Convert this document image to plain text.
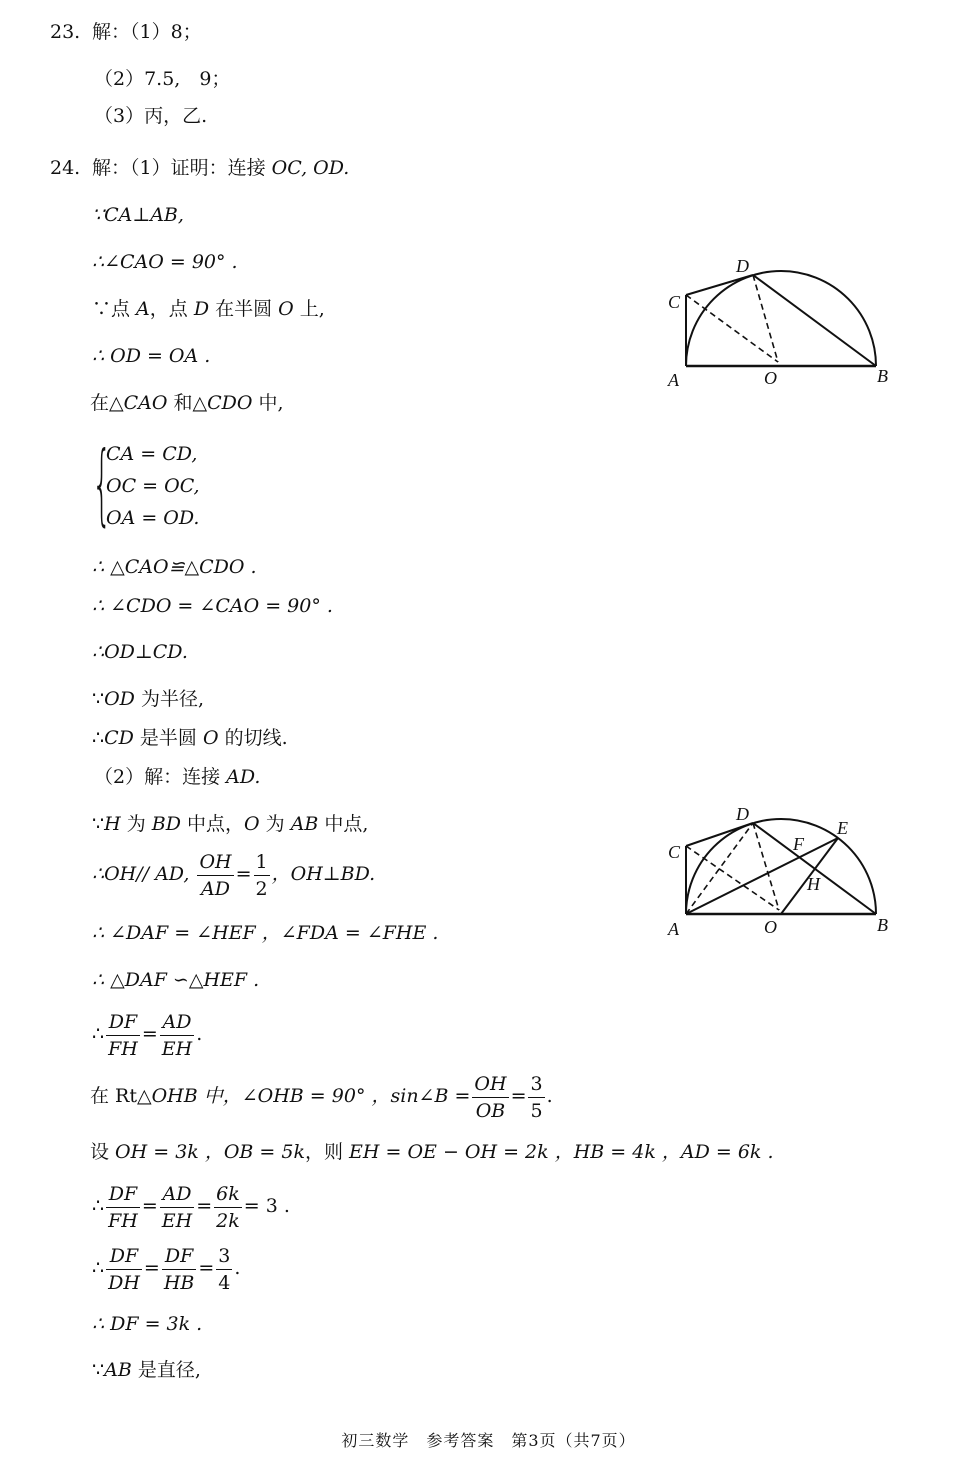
23. 解：（1）8；
（2）7.5,　9；
（3）丙，乙.
24. 解：（1）证明：连接 OC, OD.
∵CA⊥AB,
∴∠CAO = 90° .
∵点 A，点 D 在半圆 O 上,
∴ OD = OA .
在△CAO 和△CDO 中,
{
CA = CD,
OC = OC,
OA = OD.
∴ △CAO≌△CDO .
∴ ∠CDO = ∠CAO = 90° .
∴OD⊥CD.
∵OD 为半径,
∴CD 是半圆 O 的切线.
（2）解：连接 AD.
∵H 为 BD 中点，O 为 AB 中点,
∴OH// AD, $\frac{OH}{AD} = \frac{1}{2}$ ，OH⊥BD.
∴ ∠DAF = ∠HEF ，∠FDA = ∠FHE .
∴ △DAF ∽△HEF .
∴ $\frac{DF}{FH} = \frac{AD}{EH}$ .
在 Rt△OHB 中，∠OHB = 90° ，sin∠B = $\frac{OH}{OB} = \frac{3}{5}$ .
设 OH = 3k ，OB = 5k，则 EH = OE − OH = 2k ，HB = 4k ，AD = 6k .
∴ $\frac{DF}{FH} = \frac{AD}{EH} = \frac{6k}{2k} = 3$ .
∴ $\frac{DF}{DH} = \frac{DF}{HB} = \frac{3}{4}$ .
∴ DF = 3k .
∵AB 是直径,
C
D
A	O	B
C
D
E
F
H
A	O	B
初三数学　参考答案　第3页（共7页）
